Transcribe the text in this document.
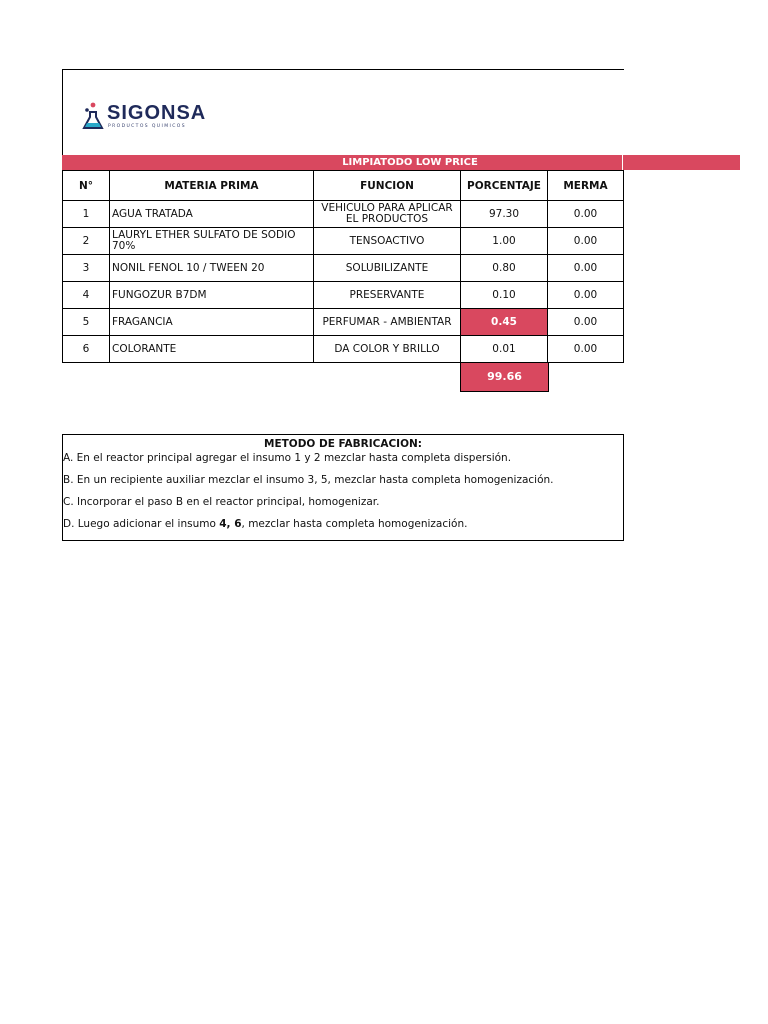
SIGONSA
PRODUCTOS QUIMICOS
LIMPIATODO LOW PRICE
N°	MATERIA PRIMA	FUNCION	PORCENTAJE	MERMA
1	AGUA TRATADA	VEHICULO PARA APLICAR EL PRODUCTOS	97.30	0.00
2	LAURYL ETHER SULFATO DE SODIO 70%	TENSOACTIVO	1.00	0.00
3	NONIL FENOL 10 / TWEEN 20	SOLUBILIZANTE	0.80	0.00
4	FUNGOZUR B7DM	PRESERVANTE	0.10	0.00
5	FRAGANCIA	PERFUMAR - AMBIENTAR	0.45	0.00
6	COLORANTE	DA COLOR Y BRILLO	0.01	0.00
99.66
METODO DE FABRICACION:
A. En el reactor principal agregar el insumo 1 y 2 mezclar hasta completa dispersión.
B. En un recipiente auxiliar mezclar el insumo 3, 5, mezclar hasta completa homogenización.
C. Incorporar el paso B en el reactor principal, homogenizar.
D. Luego adicionar el insumo 4, 6, mezclar hasta completa homogenización.
